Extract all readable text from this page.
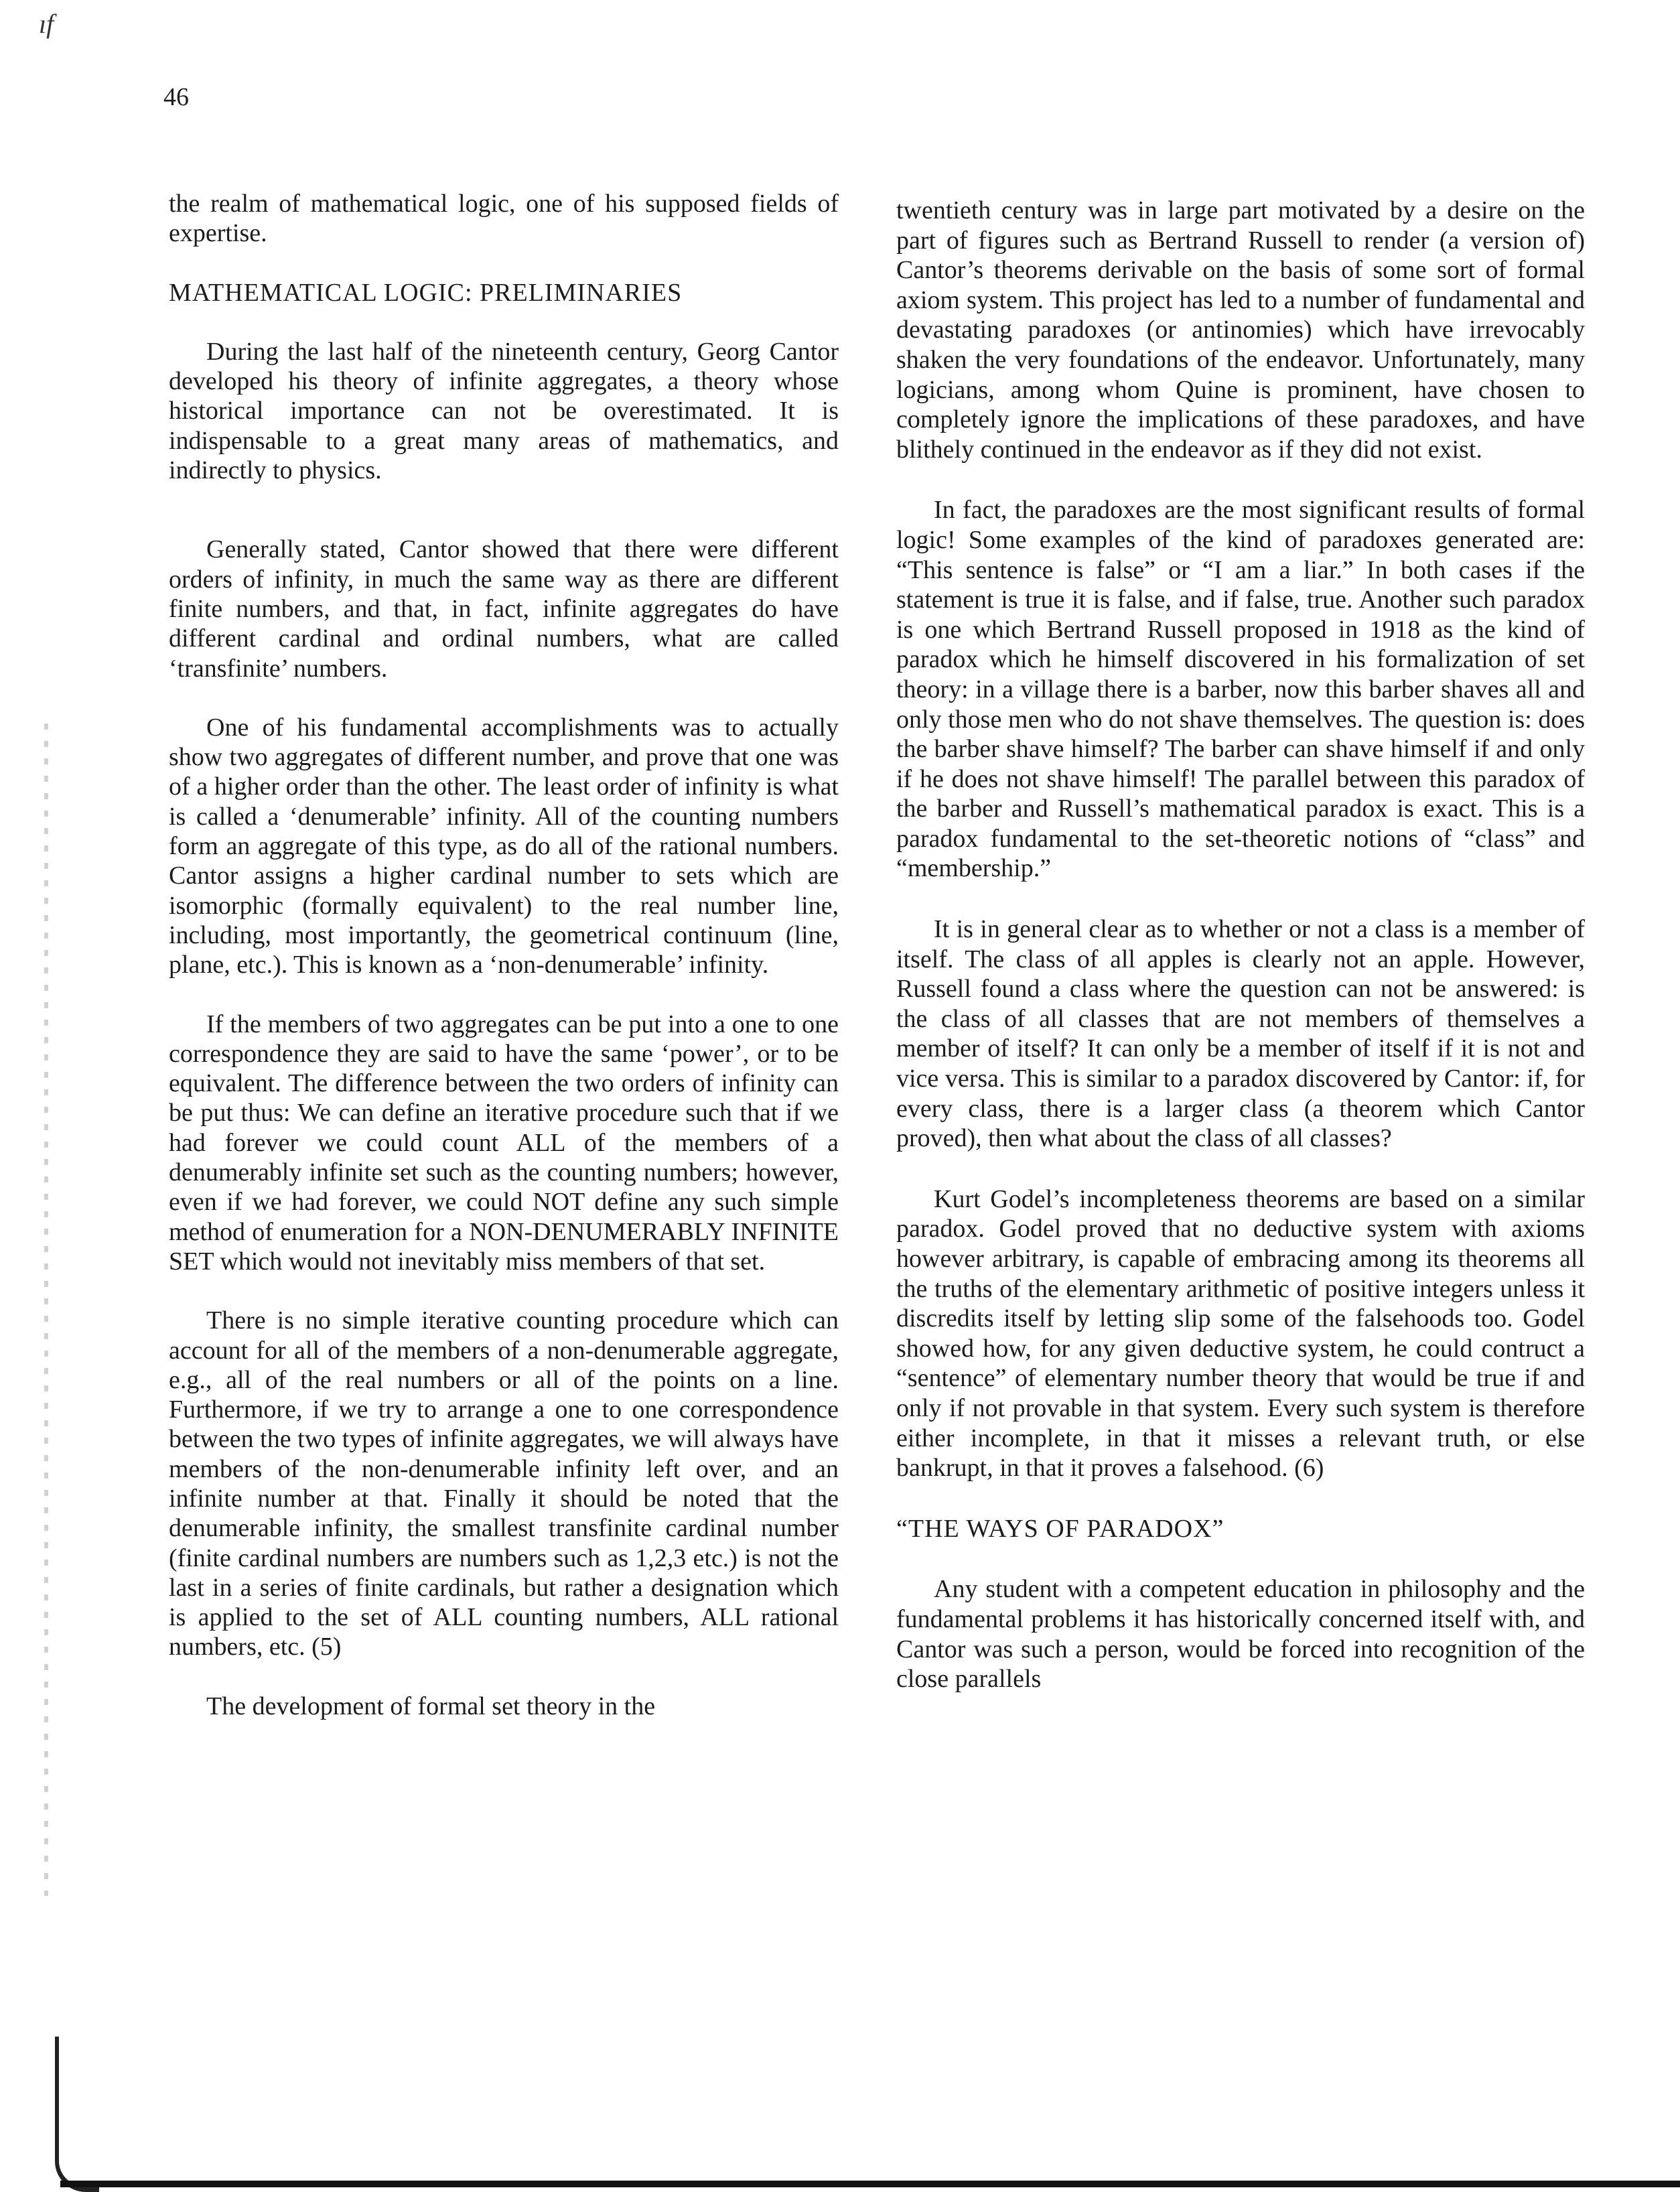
ıf
46

the realm of mathematical logic, one of his supposed fields of expertise.

MATHEMATICAL LOGIC: PRELIMINARIES

During the last half of the nineteenth century, Georg Cantor developed his theory of infinite aggregates, a theory whose historical importance can not be overestimated. It is indispensable to a great many areas of mathematics, and indirectly to physics.

Generally stated, Cantor showed that there were different orders of infinity, in much the same way as there are different finite numbers, and that, in fact, infinite aggregates do have different cardinal and ordinal numbers, what are called ‘transfinite’ numbers.

One of his fundamental accomplishments was to actually show two aggregates of different number, and prove that one was of a higher order than the other. The least order of infinity is what is called a ‘denumerable’ infinity. All of the counting numbers form an aggregate of this type, as do all of the rational numbers. Cantor assigns a higher cardinal number to sets which are isomorphic (formally equivalent) to the real number line, including, most importantly, the geometrical continuum (line, plane, etc.). This is known as a ‘non-denumerable’ infinity.

If the members of two aggregates can be put into a one to one correspondence they are said to have the same ‘power’, or to be equivalent. The difference between the two orders of infinity can be put thus: We can define an iterative procedure such that if we had forever we could count ALL of the members of a denumerably infinite set such as the counting numbers; however, even if we had forever, we could NOT define any such simple method of enumeration for a NON-DENUMERABLY INFINITE SET which would not inevitably miss members of that set.

There is no simple iterative counting procedure which can account for all of the members of a non-denumerable aggregate, e.g., all of the real numbers or all of the points on a line. Furthermore, if we try to arrange a one to one correspondence between the two types of infinite aggregates, we will always have members of the non-denumerable infinity left over, and an infinite number at that. Finally it should be noted that the denumerable infinity, the smallest transfinite cardinal number (finite cardinal numbers are numbers such as 1,2,3 etc.) is not the last in a series of finite cardinals, but rather a designation which is applied to the set of ALL counting numbers, ALL rational numbers, etc. (5)

The development of formal set theory in the

twentieth century was in large part motivated by a desire on the part of figures such as Bertrand Russell to render (a version of) Cantor’s theorems derivable on the basis of some sort of formal axiom system. This project has led to a number of fundamental and devastating paradoxes (or antinomies) which have irrevocably shaken the very foundations of the endeavor. Unfortunately, many logicians, among whom Quine is prominent, have chosen to completely ignore the implications of these paradoxes, and have blithely continued in the endeavor as if they did not exist.

In fact, the paradoxes are the most significant results of formal logic! Some examples of the kind of paradoxes generated are: “This sentence is false” or “I am a liar.” In both cases if the statement is true it is false, and if false, true. Another such paradox is one which Bertrand Russell proposed in 1918 as the kind of paradox which he himself discovered in his formalization of set theory: in a village there is a barber, now this barber shaves all and only those men who do not shave themselves. The question is: does the barber shave himself? The barber can shave himself if and only if he does not shave himself! The parallel between this paradox of the barber and Russell’s mathematical paradox is exact. This is a paradox fundamental to the set-theoretic notions of “class” and “membership.”

It is in general clear as to whether or not a class is a member of itself. The class of all apples is clearly not an apple. However, Russell found a class where the question can not be answered: is the class of all classes that are not members of themselves a member of itself? It can only be a member of itself if it is not and vice versa. This is similar to a paradox discovered by Cantor: if, for every class, there is a larger class (a theorem which Cantor proved), then what about the class of all classes?

Kurt Godel’s incompleteness theorems are based on a similar paradox. Godel proved that no deductive system with axioms however arbitrary, is capable of embracing among its theorems all the truths of the elementary arithmetic of positive integers unless it discredits itself by letting slip some of the falsehoods too. Godel showed how, for any given deductive system, he could contruct a “sentence” of elementary number theory that would be true if and only if not provable in that system. Every such system is therefore either incomplete, in that it misses a relevant truth, or else bankrupt, in that it proves a falsehood. (6)

“THE WAYS OF PARADOX”

Any student with a competent education in philosophy and the fundamental problems it has historically concerned itself with, and Cantor was such a person, would be forced into recognition of the close parallels
